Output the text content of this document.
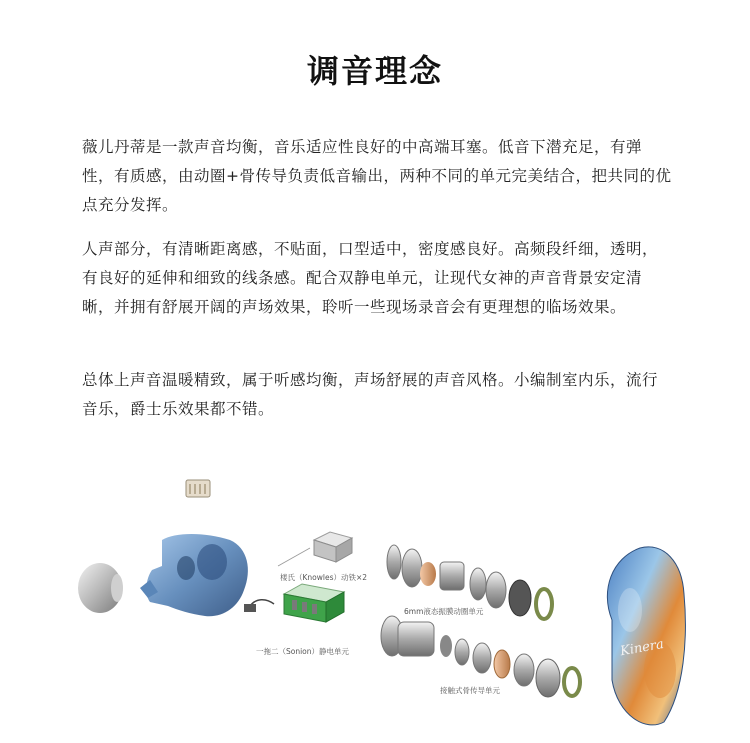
调音理念

薇儿丹蒂是一款声音均衡，音乐适应性良好的中高端耳塞。低音下潜充足，有弹性，有质感，由动圈+骨传导负责低音输出，两种不同的单元完美结合，把共同的优点充分发挥。

人声部分，有清晰距离感，不贴面，口型适中，密度感良好。高频段纤细，透明，有良好的延伸和细致的线条感。配合双静电单元，让现代女神的声音背景安定清晰，并拥有舒展开阔的声场效果，聆听一些现场录音会有更理想的临场效果。

总体上声音温暖精致，属于听感均衡，声场舒展的声音风格。小编制室内乐，流行音乐，爵士乐效果都不错。

Kinera
楼氏（Knowles）动铁×2
一拖二（Sonion）静电单元
6mm液态振膜动圈单元
接触式骨传导单元
